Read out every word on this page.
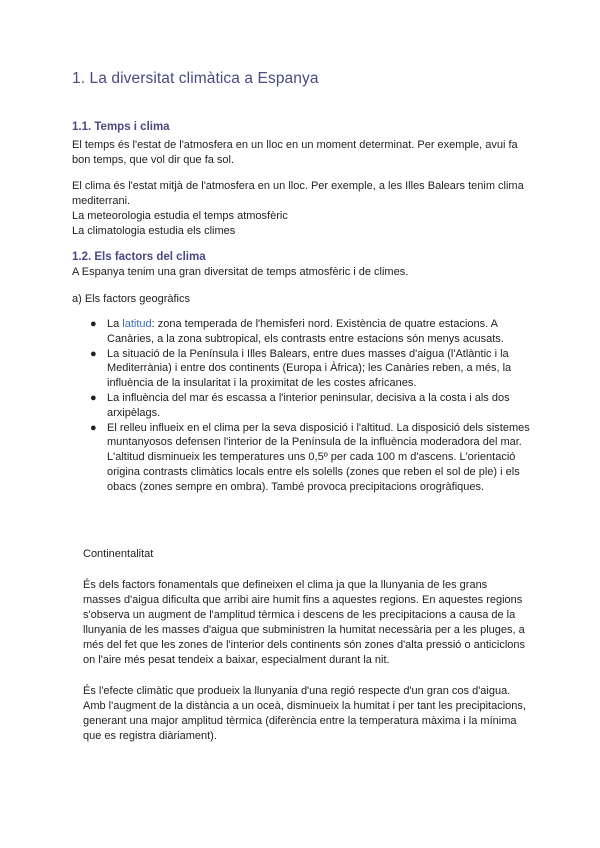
1. La diversitat climàtica a Espanya
1.1. Temps i clima
El temps és l'estat de l'atmosfera en un lloc en un moment determinat. Per exemple, avui fa bon temps, que vol dir que fa sol.
El clima és l'estat mitjà de l'atmosfera en un lloc. Per exemple, a les Illes Balears tenim clima mediterrani.
La meteorologia estudia el temps atmosfèric
La climatologia estudia els climes
1.2. Els factors del clima
A Espanya tenim una gran diversitat de temps atmosfèric i de climes.
a) Els factors geogràfics
● La latitud: zona temperada de l'hemisferi nord. Existència de quatre estacions. A Canàries, a la zona subtropical, els contrasts entre estacions són menys acusats.
● La situació de la Península i Illes Balears, entre dues masses d'aigua (l'Atlàntic i la Mediterrània) i entre dos continents (Europa i Àfrica); les Canàries reben, a més, la influència de la insularitat i la proximitat de les costes africanes.
● La influència del mar és escassa a l'interior peninsular, decisiva a la costa i als dos arxipèlags.
● El relleu influeix en el clima per la seva disposició i l'altitud. La disposició dels sistemes muntanyosos defensen l'interior de la Península de la influència moderadora del mar. L'altitud disminueix les temperatures uns 0,5º per cada 100 m d'ascens. L'orientació origina contrasts climàtics locals entre els solells (zones que reben el sol de ple) i els obacs (zones sempre en ombra). També provoca precipitacions orogràfiques.
Continentalitat
És dels factors fonamentals que defineixen el clima ja que la llunyania de les grans masses d'aigua dificulta que arribi aire humit fins a aquestes regions. En aquestes regions s'observa un augment de l'amplitud tèrmica i descens de les precipitacions a causa de la llunyania de les masses d'aigua que subministren la humitat necessària per a les pluges, a més del fet que les zones de l'interior dels continents són zones d'alta pressió o anticiclons on l'aire més pesat tendeix a baixar, especialment durant la nit.
És l'efecte climàtic que produeix la llunyania d'una regió respecte d'un gran cos d'aigua. Amb l'augment de la distància a un oceà, disminueix la humitat i per tant les precipitacions, generant una major amplitud tèrmica (diferència entre la temperatura màxima i la mínima que es registra diàriament).
